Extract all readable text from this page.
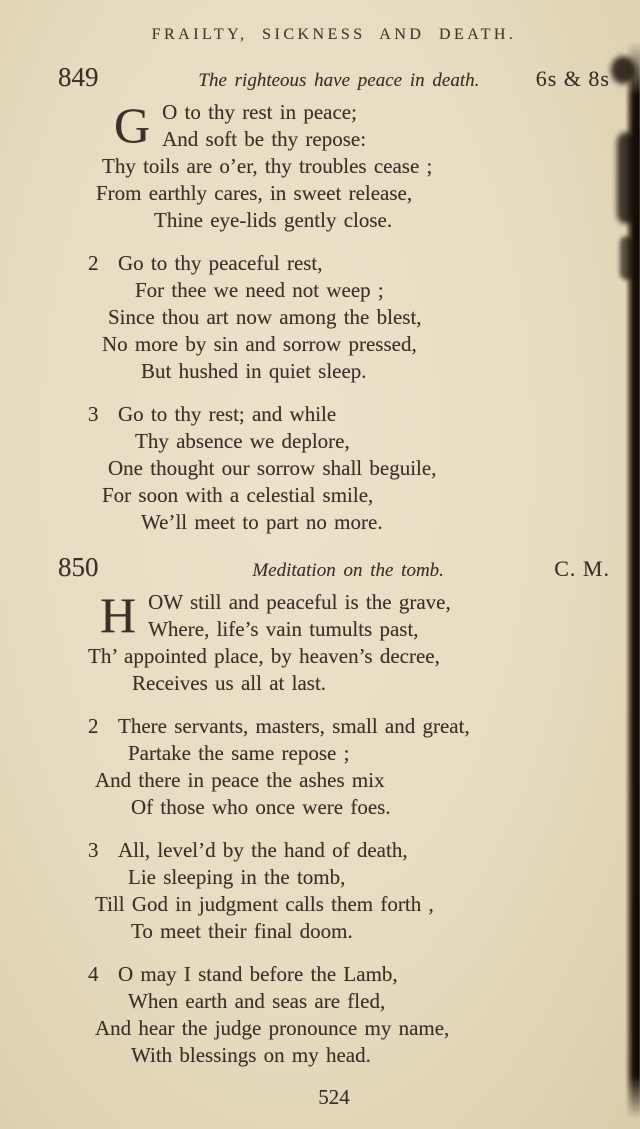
FRAILTY, SICKNESS AND DEATH.
849	The righteous have peace in death.	6s & 8s
G O to thy rest in peace;

And soft be thy repose:

Thy toils are o’er, thy troubles cease ;

From earthly cares, in sweet release,

Thine eye-lids gently close.

2 Go to thy peaceful rest,

For thee we need not weep ;

Since thou art now among the blest,

No more by sin and sorrow pressed,

But hushed in quiet sleep.

3 Go to thy rest; and while

Thy absence we deplore,

One thought our sorrow shall beguile,

For soon with a celestial smile,

We’ll meet to part no more.

850	Meditation on the tomb.	C. M.
H OW still and peaceful is the grave,

Where, life’s vain tumults past,

Th’ appointed place, by heaven’s decree,

Receives us all at last.

2 There servants, masters, small and great,

Partake the same repose ;

And there in peace the ashes mix

Of those who once were foes.

3 All, level’d by the hand of death,

Lie sleeping in the tomb,

Till God in judgment calls them forth ,

To meet their final doom.

4 O may I stand before the Lamb,

When earth and seas are fled,

And hear the judge pronounce my name,

With blessings on my head.

524
